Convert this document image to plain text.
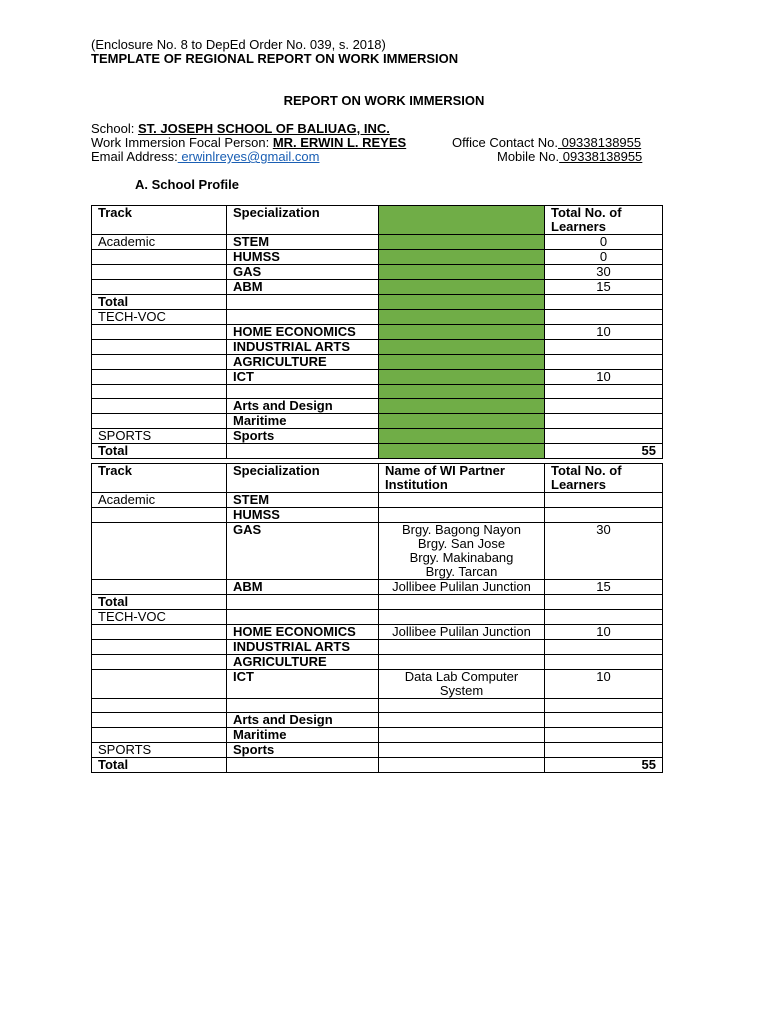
(Enclosure No. 8 to DepEd Order No. 039, s. 2018)
TEMPLATE OF REGIONAL REPORT ON WORK IMMERSION
REPORT ON WORK IMMERSION
School: ST. JOSEPH SCHOOL OF BALIUAG, INC.
Work Immersion Focal Person: MR. ERWIN L. REYES	Office Contact No. 09338138955
Email Address: erwinlreyes@gmail.com	Mobile No. 09338138955
A. School Profile
Track	Specialization		Total No. of Learners
Academic	STEM		0
	HUMSS		0
	GAS		30
	ABM		15
Total			
TECH-VOC			
	HOME ECONOMICS		10
	INDUSTRIAL ARTS		
	AGRICULTURE		
	ICT		10

	Arts and Design		
	Maritime		
SPORTS	Sports		
Total			55
Track	Specialization	Name of WI Partner Institution	Total No. of Learners
Academic	STEM		
	HUMSS		
	GAS	Brgy. Bagong Nayon
Brgy. San Jose
Brgy. Makinabang
Brgy. Tarcan	30
	ABM	Jollibee Pulilan Junction	15
Total			
TECH-VOC			
	HOME ECONOMICS	Jollibee Pulilan Junction	10
	INDUSTRIAL ARTS		
	AGRICULTURE		
	ICT	Data Lab Computer
System	10

	Arts and Design		
	Maritime		
SPORTS	Sports		
Total			55
